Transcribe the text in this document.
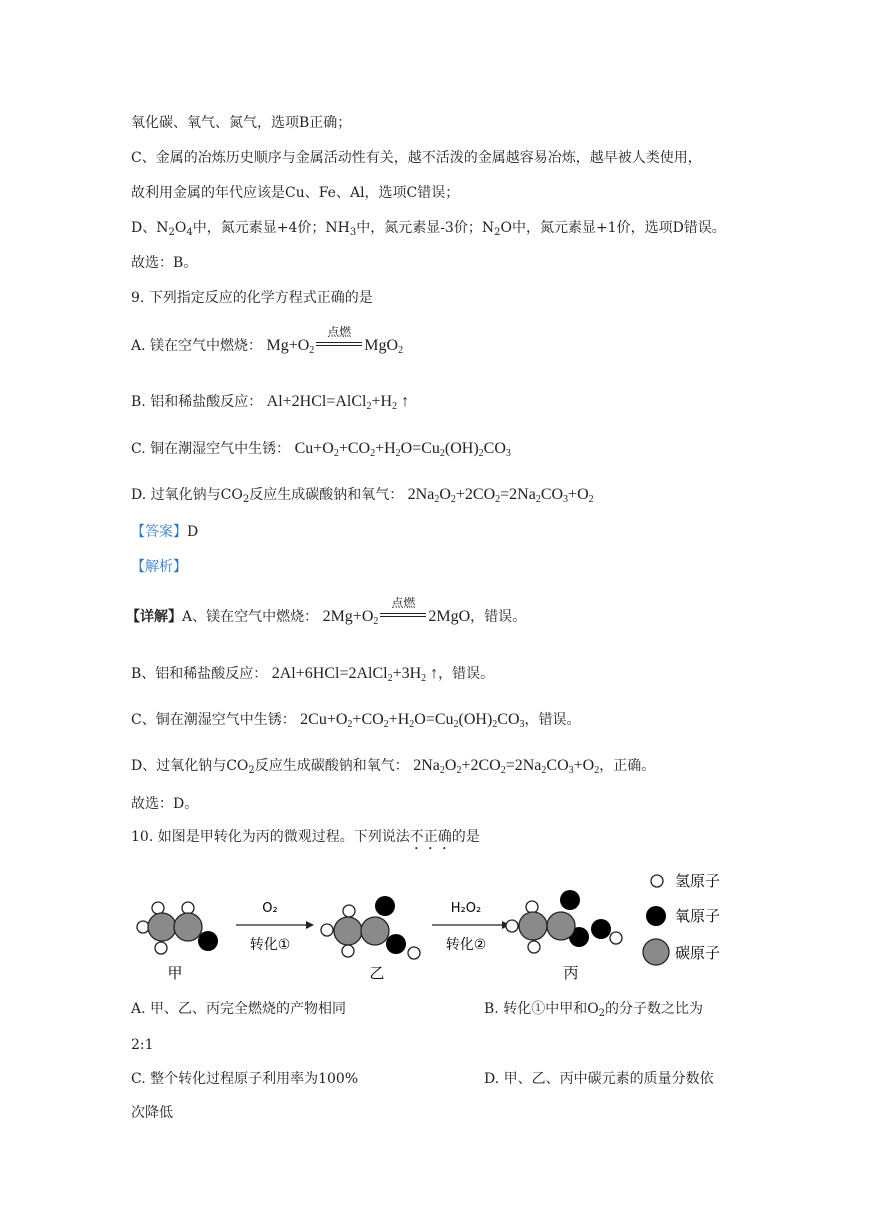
氧化碳、氧气、氮气，选项B正确；
C、金属的冶炼历史顺序与金属活动性有关，越不活泼的金属越容易冶炼，越早被人类使用，
故利用金属的年代应该是Cu、Fe、Al，选项C错误；
D、$N_2O_4$中，氮元素显+4价；$NH_3$中，氮元素显-3价；$N_2O$中，氮元素显+1价，选项D错误。
故选：B。
9. 下列指定反应的化学方程式正确的是
A. 镁在空气中燃烧： $Mg+O_2$
点燃
MgO$_2$
B. 铝和稀盐酸反应： $Al+2HCl=AlCl_2+H_2$ ↑
C. 铜在潮湿空气中生锈： $Cu+O_2+CO_2+H_2O=Cu_2(OH)_2CO_3$
D. 过氧化钠与$CO_2$反应生成碳酸钠和氧气： $2Na_2O_2+2CO_2=2Na_2CO_3+O_2$
【答案】D
【解析】
【详解】A、镁在空气中燃烧： $2Mg+O_2$
点燃
2MgO，错误。
B、铝和稀盐酸反应： $2Al+6HCl=2AlCl_2+3H_2$ ↑，错误。
C、铜在潮湿空气中生锈： $2Cu+O_2+CO_2+H_2O=Cu_2(OH)_2CO_3$，错误。
D、过氧化钠与$CO_2$反应生成碳酸钠和氧气： $2Na_2O_2+2CO_2=2Na_2CO_3+O_2$，正确。
故选：D。
10. 如图是甲转化为丙的微观过程。下列说法不正确的是
甲
O₂
转化①
乙
H₂O₂
转化②
丙
氢原子
氧原子
碳原子
A. 甲、乙、丙完全燃烧的产物相同	B. 转化①中甲和$O_2$的分子数之比为
2:1
C. 整个转化过程原子利用率为100%	D. 甲、乙、丙中碳元素的质量分数依
次降低
